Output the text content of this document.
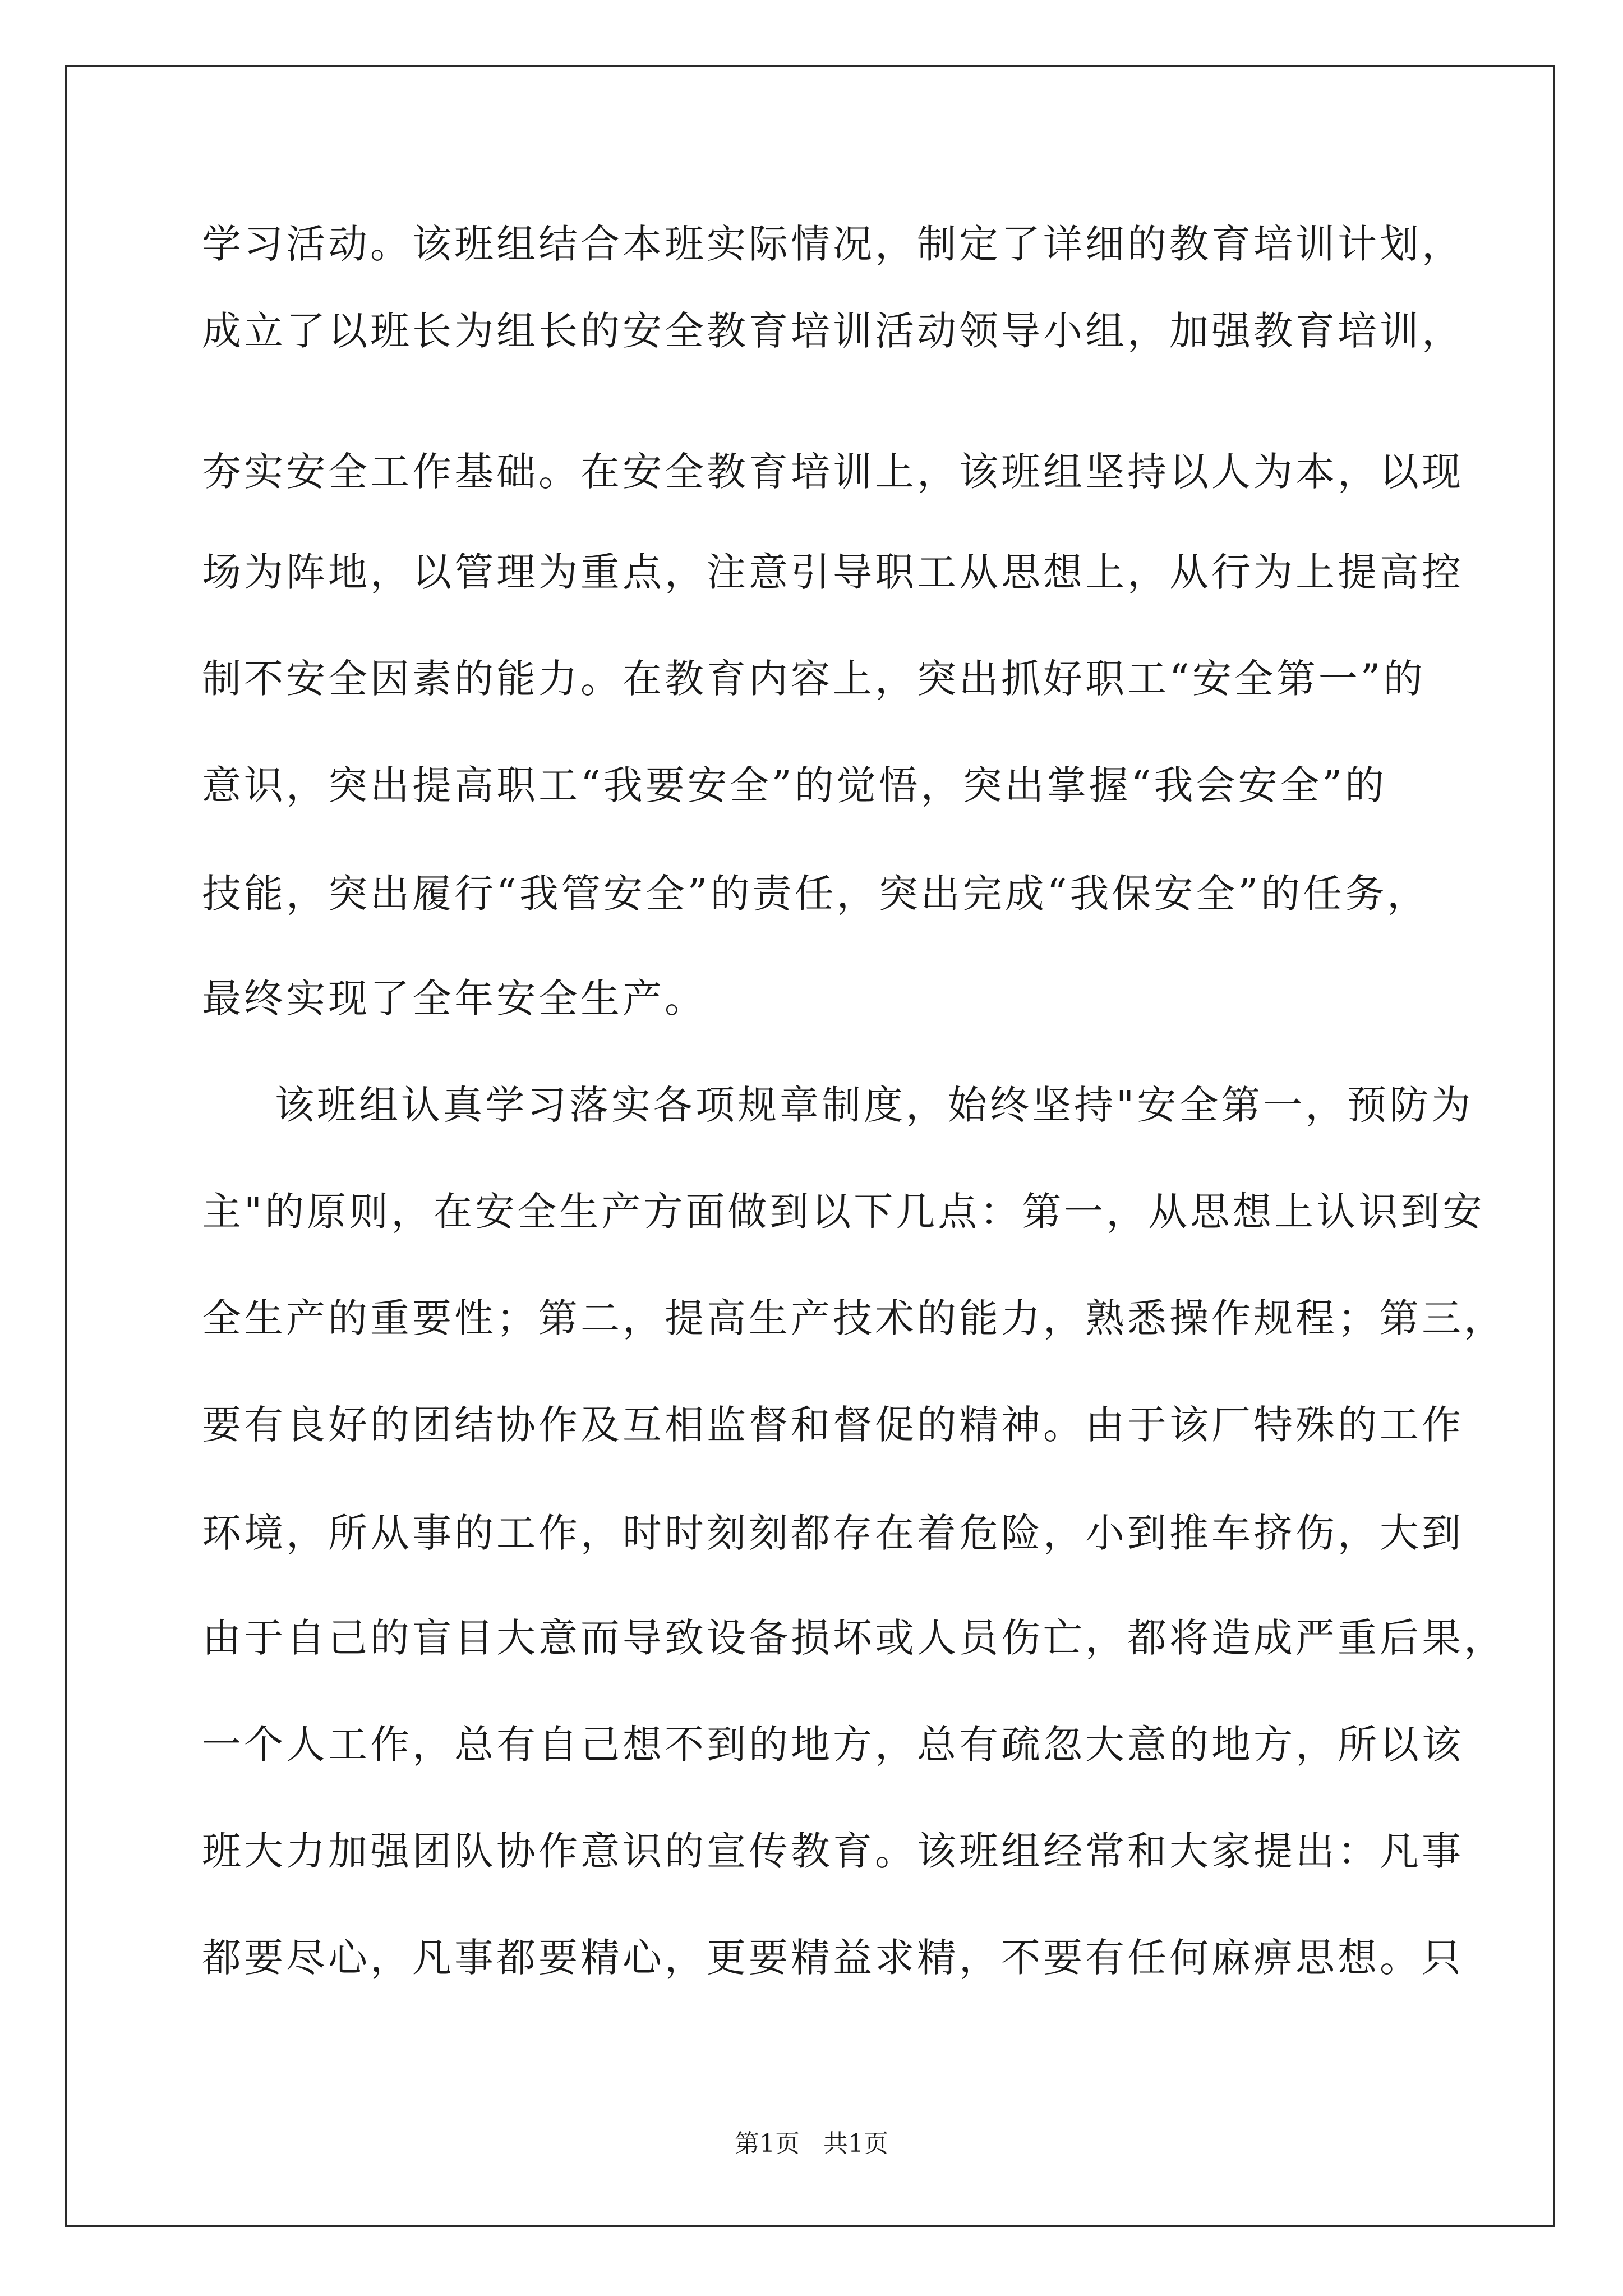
学习活动。该班组结合本班实际情况，制定了详细的教育培训计划，
成立了以班长为组长的安全教育培训活动领导小组，加强教育培训，
夯实安全工作基础。在安全教育培训上，该班组坚持以人为本，以现
场为阵地，以管理为重点，注意引导职工从思想上，从行为上提高控
制不安全因素的能力。在教育内容上，突出抓好职工“安全第一”的
意识，突出提高职工“我要安全”的觉悟，突出掌握“我会安全”的
技能，突出履行“我管安全”的责任，突出完成“我保安全”的任务，
最终实现了全年安全生产。
该班组认真学习落实各项规章制度，始终坚持"安全第一，预防为
主"的原则，在安全生产方面做到以下几点：第一，从思想上认识到安
全生产的重要性；第二，提高生产技术的能力，熟悉操作规程；第三，
要有良好的团结协作及互相监督和督促的精神。由于该厂特殊的工作
环境，所从事的工作，时时刻刻都存在着危险，小到推车挤伤，大到
由于自己的盲目大意而导致设备损坏或人员伤亡，都将造成严重后果，
一个人工作，总有自己想不到的地方，总有疏忽大意的地方，所以该
班大力加强团队协作意识的宣传教育。该班组经常和大家提出：凡事
都要尽心，凡事都要精心，更要精益求精，不要有任何麻痹思想。只
第1页   共1页
